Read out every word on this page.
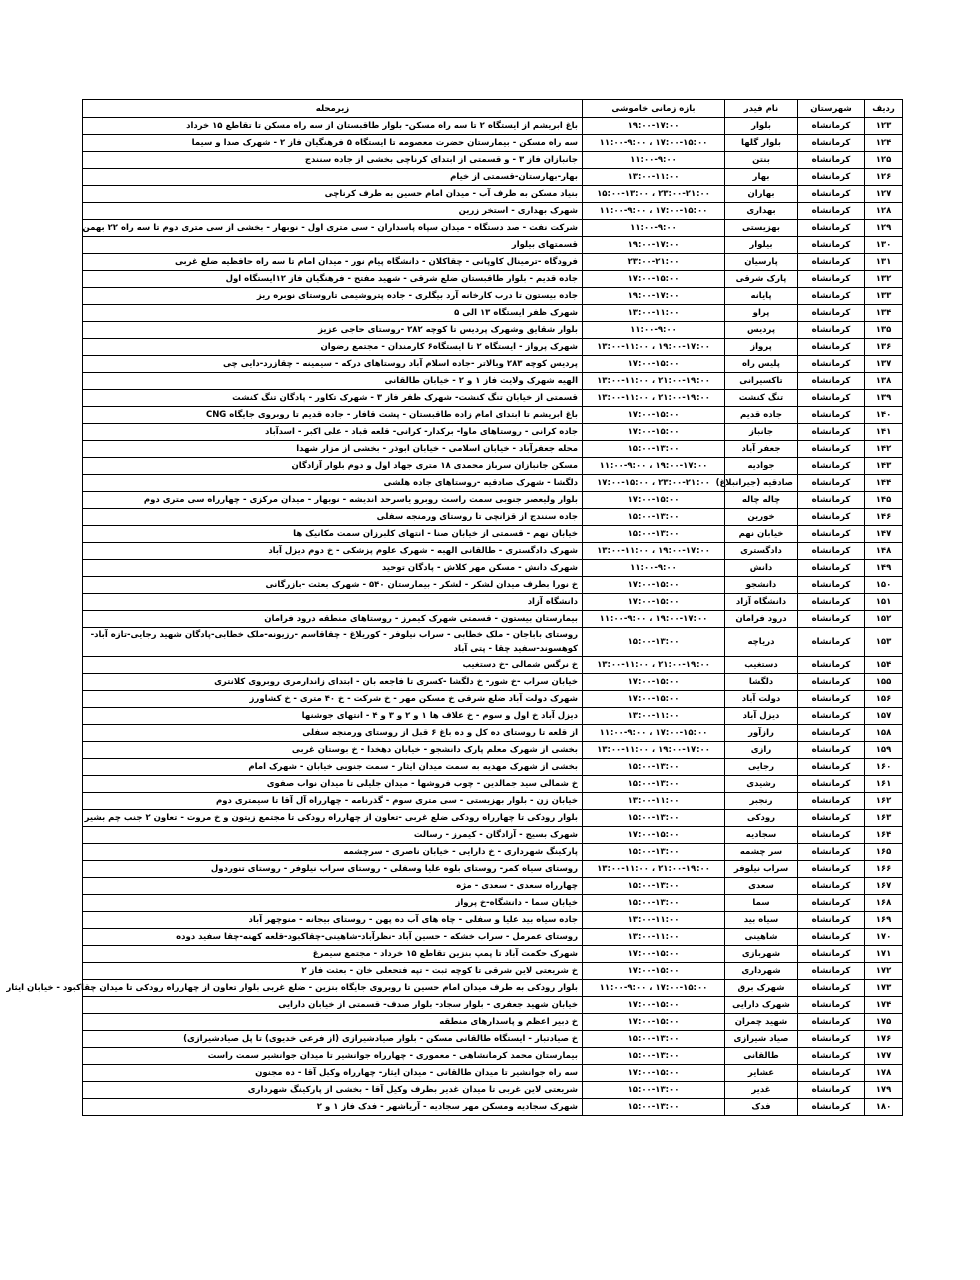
ردیف	شهرستان	نام فیدر	بازه زمانی خاموشی	زیرمحله
۱۲۳	کرمانشاه	بلوار	۱۹:۰۰-۱۷:۰۰	باغ ابریشم از ایستگاه ۲ تا سه راه مسکن- بلوار طاقبستان از سه راه مسکن تا تقاطع ۱۵ خرداد
۱۲۴	کرمانشاه	بلوار گلها	۱۷:۰۰-۱۵:۰۰ ، ۱۱:۰۰-۹:۰۰	سه راه مسکن - بیمارستان حضرت معصومه تا ایستگاه ۵ فرهنگیان فاز ۲ - شهرک صدا و سیما
۱۲۵	کرمانشاه	بنتن	۱۱:۰۰-۹:۰۰	جانبازان فاز ۳ - و قسمتی از ابتدای کرناچی بخشی از جاده سنندج
۱۲۶	کرمانشاه	بهار	۱۳:۰۰-۱۱:۰۰	بهار-بهارستان-قسمتی از خیام
۱۲۷	کرمانشاه	بهاران	۲۳:۰۰-۲۱:۰۰ ، ۱۵:۰۰-۱۳:۰۰	بنیاد مسکن به طرف آب - میدان امام حسین به طرف کرناچی
۱۲۸	کرمانشاه	بهداری	۱۷:۰۰-۱۵:۰۰ ، ۱۱:۰۰-۹:۰۰	شهرک بهداری - استخر زرین
۱۲۹	کرمانشاه	بهزیستی	۱۱:۰۰-۹:۰۰	شرکت نفت - صد دستگاه - میدان سپاه پاسداران - سی متری اول - نوبهار - بخشی از سی متری دوم تا سه راه ۲۲ بهمن
۱۳۰	کرمانشاه	بیلوار	۱۹:۰۰-۱۷:۰۰	قسمتهای بیلوار
۱۳۱	کرمانشاه	پارسیان	۲۳:۰۰-۲۱:۰۰	فرودگاه -ترمینال کاوپانی - چقاکلان - دانشگاه پیام نور - میدان امام تا سه راه حافظیه ضلع غربی
۱۳۲	کرمانشاه	پارک شرقی	۱۷:۰۰-۱۵:۰۰	جاده قدیم - بلوار طاقبستان ضلع شرقی - شهید مفتح - فرهنگیان فاز ۱۲ایستگاه اول
۱۳۳	کرمانشاه	پایانه	۱۹:۰۰-۱۷:۰۰	جاده بیستون تا درب کارخانه آرد بیگلری - جاده پتروشیمی تاروستای نوبره ریز
۱۳۴	کرمانشاه	پراو	۱۳:۰۰-۱۱:۰۰	شهرک ظفر ایستگاه ۱۳ الی ۵
۱۳۵	کرمانشاه	پردیس	۱۱:۰۰-۹:۰۰	بلوار شقایق وشهرک پردیس تا کوچه ۲۸۲ -روستای حاجی عزیز
۱۳۶	کرمانشاه	پرواز	۱۹:۰۰-۱۷:۰۰ ، ۱۳:۰۰-۱۱:۰۰	شهرک پرواز - ایستگاه ۲ تا ایستگاه۶ کارمندان - مجتمع رضوان
۱۳۷	کرمانشاه	پلیس راه	۱۷:۰۰-۱۵:۰۰	پردیس کوچه ۲۸۳ وبالاتر -جاده اسلام آباد روستاهای درکه - سیمینه - چقازرد-دایی چی
۱۳۸	کرمانشاه	تاکسیرانی	۲۱:۰۰-۱۹:۰۰ ، ۱۳:۰۰-۱۱:۰۰	الهیه شهرک ولایت فاز ۱ و ۲ - خیابان طالقانی
۱۳۹	کرمانشاه	تنگ کنشت	۲۱:۰۰-۱۹:۰۰ ، ۱۳:۰۰-۱۱:۰۰	قسمتی از خیابان تنگ کنشت- شهرک ظفر فاز ۳ - شهرک تکاور - پادگان تنگ کنشت
۱۴۰	کرمانشاه	جاده قدیم	۱۷:۰۰-۱۵:۰۰	باغ ابریشم تا ابتدای امام زاده طاقبستان - پشت قافار - جاده قدیم تا روبروی جایگاه CNG
۱۴۱	کرمانشاه	جانباز	۱۷:۰۰-۱۵:۰۰	جاده کرانی - روستاهای ماوا- برکدار- کرانی- قلعه قباد - علی اکبر - اسدآباد
۱۴۲	کرمانشاه	جعفر آباد	۱۵:۰۰-۱۳:۰۰	محله جعفرآباد - خیابان اسلامی - خیابان ابوذر - بخشی از مزار شهدا
۱۴۳	کرمانشاه	جوادیه	۱۹:۰۰-۱۷:۰۰ ، ۱۱:۰۰-۹:۰۰	مسکن جانبازان سرباز محمدی ۱۸ متری جهاد اول و دوم بلوار آزادگان
۱۴۴	کرمانشاه	صادقیه (جیرانبلاغ)	۲۳:۰۰-۲۱:۰۰ ، ۱۷:۰۰-۱۵:۰۰	دلگشا - شهرک صادقیه -روستاهای جاده هلشی
۱۴۵	کرمانشاه	چاله چاله	۱۷:۰۰-۱۵:۰۰	بلوار ولیعصر جنوبی سمت راست روبرو یاسرحد اندیشه - نوبهار - میدان مرکزی - چهارراه سی متری دوم
۱۴۶	کرمانشاه	خورین	۱۵:۰۰-۱۳:۰۰	جاده سنندج از قزانچی تا روستای ورمنجه سفلی
۱۴۷	کرمانشاه	خیابان نهم	۱۵:۰۰-۱۳:۰۰	خیابان نهم - قسمتی از خیابان صنا - انتهای کلبرزان سمت مکانیک ها
۱۴۸	کرمانشاه	دادگستری	۱۹:۰۰-۱۷:۰۰ ، ۱۳:۰۰-۱۱:۰۰	شهرک دادگستری - طالقانی الهیه - شهرک علوم پزشکی - خ دوم دیزل آباد
۱۴۹	کرمانشاه	دانش	۱۱:۰۰-۹:۰۰	شهرک دانش - مسکن مهر کلاش - پادگان توحید
۱۵۰	کرمانشاه	دانشجو	۱۷:۰۰-۱۵:۰۰	خ نورا بطرف میدان لشکر - لشکر - بیمارستان ۵۴۰ - شهرک بعثت -بازرگانی
۱۵۱	کرمانشاه	دانشگاه آزاد	۱۷:۰۰-۱۵:۰۰	دانشگاه آزاد
۱۵۲	کرمانشاه	درود فرامان	۱۹:۰۰-۱۷:۰۰ ، ۱۱:۰۰-۹:۰۰	بیمارستان بیستون - قسمتی شهرک کیمرز - روستاهای منطقه درود فرامان
۱۵۳	کرمانشاه	دریاچه	۱۵:۰۰-۱۳:۰۰	روستای باباجان - ملک خطابی - سراب نیلوفر - کوریلاغ - چقاقاسم -رزیونه-ملک خطابی-پادگان شهید رجایی-تازه آباد-کوهسوند-سفید چقا - پتی آباد
۱۵۴	کرمانشاه	دستغیب	۲۱:۰۰-۱۹:۰۰ ، ۱۳:۰۰-۱۱:۰۰	خ نرگس شمالی -خ دستغیب
۱۵۵	کرمانشاه	دلگشا	۱۷:۰۰-۱۵:۰۰	خیابان سراب -خ شور- خ دلگشا -کسری تا فاجعه بان - ابتدای زاندارمری روبروی کلانتری
۱۵۶	کرمانشاه	دولت آباد	۱۷:۰۰-۱۵:۰۰	شهرک دولت آباد ضلع شرقی خ مسکن مهر - خ شرکت - خ ۴۰ متری - خ کشاورز
۱۵۷	کرمانشاه	دیزل آباد	۱۳:۰۰-۱۱:۰۰	دیزل آباد خ اول و سوم - خ علاف ها ۱ و ۲ و ۳ و ۴ - انتهای جوشنها
۱۵۸	کرمانشاه	رازآور	۱۷:۰۰-۱۵:۰۰ ، ۱۱:۰۰-۹:۰۰	از قلعه تا روستای ده کل و ده باغ ۶ قبل از روستای ورمنجه سفلی
۱۵۹	کرمانشاه	رازی	۱۹:۰۰-۱۷:۰۰ ، ۱۳:۰۰-۱۱:۰۰	بخشی از شهرک معلم پارک دانشجو - خیابان دهخدا - خ بوستان غربی
۱۶۰	کرمانشاه	رجایی	۱۵:۰۰-۱۳:۰۰	بخشی از شهرک مهدیه به سمت میدان ایثار - سمت جنوبی خیابان - شهرک امام
۱۶۱	کرمانشاه	رشیدی	۱۵:۰۰-۱۳:۰۰	خ شمالی سید جمالدین - چوب فروشها - میدان جلیلی تا میدان نواب صفوی
۱۶۲	کرمانشاه	رنجبر	۱۳:۰۰-۱۱:۰۰	خیابان زن - بلوار بهزیستی - سی متری سوم - گذرنامه - چهارراه آل آقا تا سیمتری دوم
۱۶۳	کرمانشاه	رودکی	۱۵:۰۰-۱۳:۰۰	بلوار رودکی تا چهارراه رودکی ضلع غربی -تعاون از چهارراه رودکی تا مجتمع زیتون و خ مروت - تعاون ۲ جنب چم بشیر
۱۶۴	کرمانشاه	سجادیه	۱۷:۰۰-۱۵:۰۰	شهرک بسیج - آزادگان - کیمرز - رسالت
۱۶۵	کرمانشاه	سر چشمه	۱۵:۰۰-۱۳:۰۰	پارکینگ شهرداری - خ دارایی - خیابان ناصری - سرچشمه
۱۶۶	کرمانشاه	سراب نیلوفر	۲۱:۰۰-۱۹:۰۰ ، ۱۳:۰۰-۱۱:۰۰	روستای سیاه کمر- روستای بلوه علیا وسفلی - روستای سراب نیلوفر - روستای تنوردول
۱۶۷	کرمانشاه	سعدی	۱۵:۰۰-۱۳:۰۰	چهارراه سعدی - سعدی - مژه
۱۶۸	کرمانشاه	سما	۱۵:۰۰-۱۳:۰۰	خیابان سما - دانشگاه-خ پرواز
۱۶۹	کرمانشاه	سیاه بید	۱۳:۰۰-۱۱:۰۰	جاده سیاه بید علیا و سفلی - چاه های آب ده پهن - روستای بیجانه - منوچهر آباد
۱۷۰	کرمانشاه	شاهینی	۱۳:۰۰-۱۱:۰۰	روستای عمرمل - سراب خشکه - حسین آباد -نظرآباد-شاهینی-چقاکبود-قلعه کهنه-چقا سفید دوده
۱۷۱	کرمانشاه	شهربازی	۱۷:۰۰-۱۵:۰۰	شهرک حکمت آباد تا پمپ بنزین تقاطع ۱۵ خرداد - مجتمع سیمرغ
۱۷۲	کرمانشاه	شهرداری	۱۷:۰۰-۱۵:۰۰	خ شریعتی لاین شرقی تا کوچه ثبت - تپه فتحعلی خان - بعثت فاز ۲
۱۷۳	کرمانشاه	شهرک برق	۱۷:۰۰-۱۵:۰۰ ، ۱۱:۰۰-۹:۰۰	بلوار رودکی به طرف میدان امام حسین تا روبروی جایگاه بنزین - ضلع غربی بلوار تعاون از چهارراه رودکی تا میدان چقاکبود - خیابان ایثار
۱۷۴	کرمانشاه	شهرک دارایی	۱۷:۰۰-۱۵:۰۰	خیابان شهید جعفری - بلوار سجاد- بلوار صدف- قسمتی از خیابان دارایی
۱۷۵	کرمانشاه	شهید چمران	۱۷:۰۰-۱۵:۰۰	خ دبیر اعظم و پاسدارهای منطقه
۱۷۶	کرمانشاه	صیاد شیرازی	۱۵:۰۰-۱۳:۰۰	خ صیادتبار - ایستگاه طالقانی مسکن - بلوار صیادشیرازی (از فرعی خدیوی) تا پل صیادشیرازی)
۱۷۷	کرمانشاه	طالقانی	۱۵:۰۰-۱۳:۰۰	بیمارستان محمد کرمانشاهی - معموری - چهارراه جوانشیر تا میدان جوانشیر سمت راست
۱۷۸	کرمانشاه	عشایر	۱۷:۰۰-۱۵:۰۰	سه راه جوانشیر تا میدان طالقانی - میدان ایثار- چهارراه وکیل آقا - ده مجنون
۱۷۹	کرمانشاه	غدیر	۱۵:۰۰-۱۳:۰۰	شریعتی لاین غربی تا میدان غدیر بطرف وکیل آقا - بخشی از پارکینگ شهرداری
۱۸۰	کرمانشاه	فدک	۱۵:۰۰-۱۳:۰۰	شهرک سجادیه ومسکن مهر سجادیه - آریاشهر - فدک فاز ۱ و ۲
